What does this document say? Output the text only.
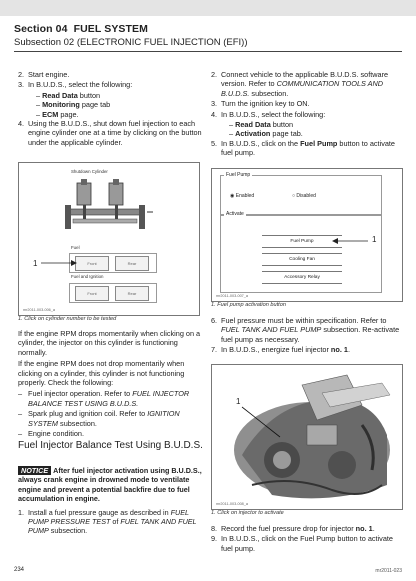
Section 04 FUEL SYSTEM
Subsection 02 (ELECTRONIC FUEL INJECTION (EFI))
2. Start engine.
3. In B.U.D.S., select the following:
– Read Data button
– Monitoring page tab
– ECM page.
4. Using the B.U.D.S., shut down fuel injection to each engine cylinder one at a time by clicking on the button under the applicable cylinder.
Shutdown Cylinder
Fuel
Front	Rear
Fuel and Ignition
Front	Rear
1
mr2011-003-006_a
1. Click on cylinder number to be tested

If the engine RPM drops momentarily when clicking on a cylinder, the injector on this cylinder is functioning normally.

If the engine RPM does not drop momentarily when clicking on a cylinder, this cylinder is not functioning properly. Check the following:

– Fuel injector operation. Refer to FUEL INJECTOR BALANCE TEST USING B.U.D.S.
– Spark plug and ignition coil. Refer to IGNITION SYSTEM subsection.
– Engine condition.
Fuel Injector Balance Test Using B.U.D.S.

NOTICE After fuel injector activation using B.U.D.S., always crank engine in drowned mode to ventilate engine and prevent a potential backfire due to fuel accumulation in engine.

1. Install a fuel pressure gauge as described in FUEL PUMP PRESSURE TEST of FUEL TANK AND FUEL PUMP subsection.
2. Connect vehicle to the applicable B.U.D.S. software version. Refer to COMMUNICATION TOOLS AND B.U.D.S. subsection.
3. Turn the ignition key to ON.
4. In B.U.D.S., select the following:
– Read Data button
– Activation page tab.
5. In B.U.D.S., click on the Fuel Pump button to activate fuel pump.
Fuel Pump
◉ Enabled	○ Disabled
Activate
Fuel Pump
Cooling Fan
Accessory Relay
1
mr2011-003-007_a
1. Fuel pump activation button
6. Fuel pressure must be within specification. Refer to FUEL TANK AND FUEL PUMP subsection. Re-activate fuel pump as necessary.
7. In B.U.D.S., energize fuel injector no. 1.
1
mr2011-003-008_a
1. Click on injector to activate
8. Record the fuel pressure drop for injector no. 1.
9. In B.U.D.S., click on the Fuel Pump button to activate fuel pump.
234	mr2011-023
